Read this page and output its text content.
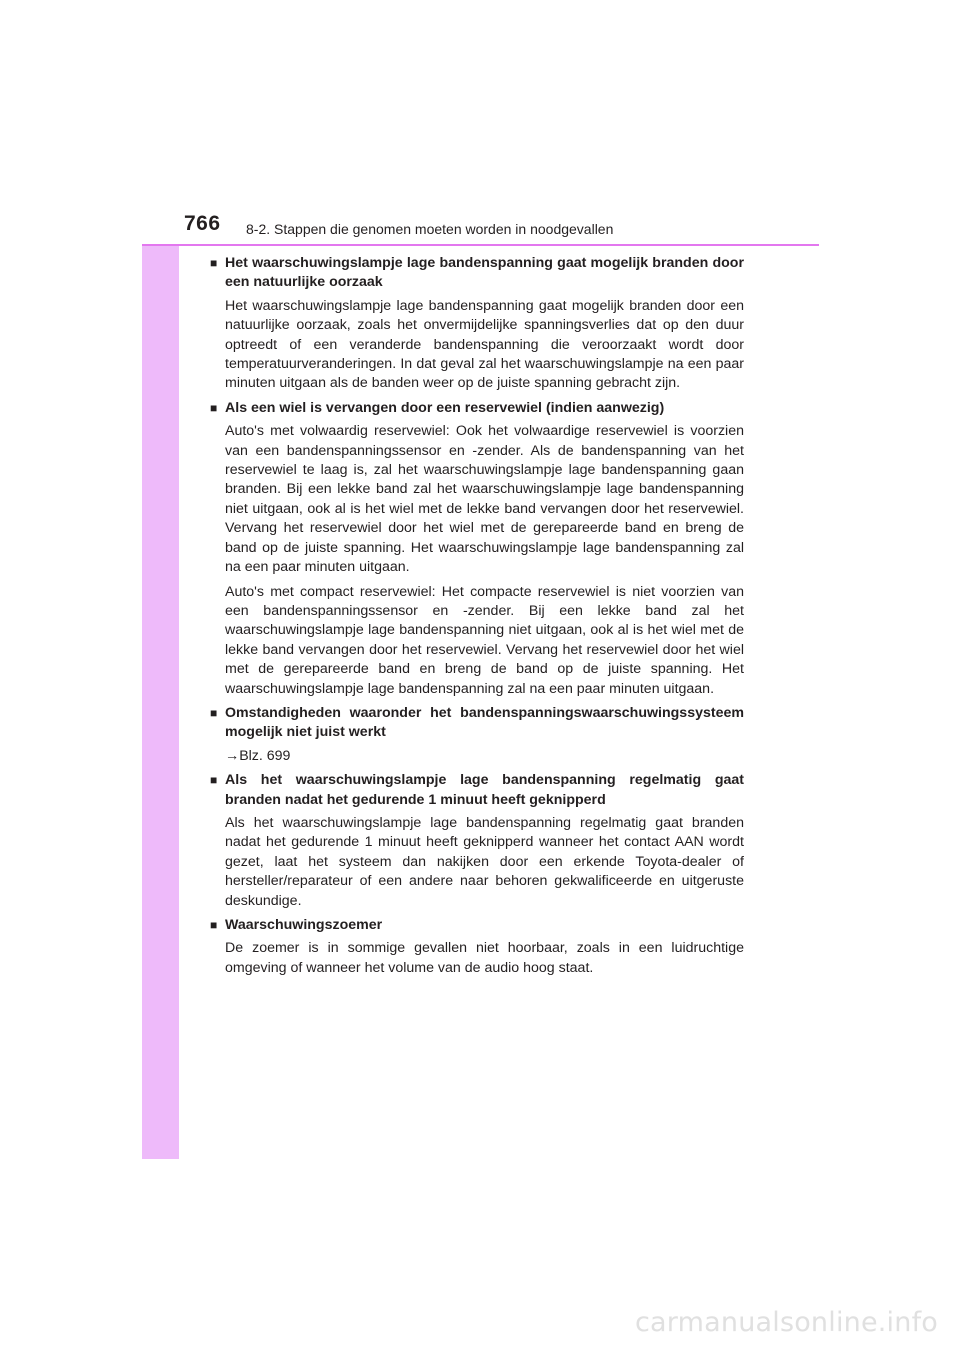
766 8-2. Stappen die genomen moeten worden in noodgevallen
■ Het waarschuwingslampje lage bandenspanning gaat mogelijk branden door een natuurlijke oorzaak
Het waarschuwingslampje lage bandenspanning gaat mogelijk branden door een natuurlijke oorzaak, zoals het onvermijdelijke spanningsverlies dat op den duur optreedt of een veranderde bandenspanning die veroorzaakt wordt door temperatuurveranderingen. In dat geval zal het waarschuwingslampje na een paar minuten uitgaan als de banden weer op de juiste spanning gebracht zijn.
■ Als een wiel is vervangen door een reservewiel (indien aanwezig)
Auto's met volwaardig reservewiel: Ook het volwaardige reservewiel is voorzien van een bandenspanningssensor en -zender. Als de bandenspanning van het reservewiel te laag is, zal het waarschuwingslampje lage bandenspanning gaan branden. Bij een lekke band zal het waarschuwingslampje lage bandenspanning niet uitgaan, ook al is het wiel met de lekke band vervangen door het reservewiel. Vervang het reservewiel door het wiel met de gerepareerde band en breng de band op de juiste spanning. Het waarschuwingslampje lage bandenspanning zal na een paar minuten uitgaan.
Auto's met compact reservewiel: Het compacte reservewiel is niet voorzien van een bandenspanningssensor en -zender. Bij een lekke band zal het waarschuwingslampje lage bandenspanning niet uitgaan, ook al is het wiel met de lekke band vervangen door het reservewiel. Vervang het reservewiel door het wiel met de gerepareerde band en breng de band op de juiste spanning. Het waarschuwingslampje lage bandenspanning zal na een paar minuten uitgaan.
■ Omstandigheden waaronder het bandenspanningswaarschuwingssysteem mogelijk niet juist werkt
→Blz. 699
■ Als het waarschuwingslampje lage bandenspanning regelmatig gaat branden nadat het gedurende 1 minuut heeft geknipperd
Als het waarschuwingslampje lage bandenspanning regelmatig gaat branden nadat het gedurende 1 minuut heeft geknipperd wanneer het contact AAN wordt gezet, laat het systeem dan nakijken door een erkende Toyota-dealer of hersteller/reparateur of een andere naar behoren gekwalificeerde en uitgeruste deskundige.
■ Waarschuwingszoemer
De zoemer is in sommige gevallen niet hoorbaar, zoals in een luidruchtige omgeving of wanneer het volume van de audio hoog staat.
carmanualsonline.info
